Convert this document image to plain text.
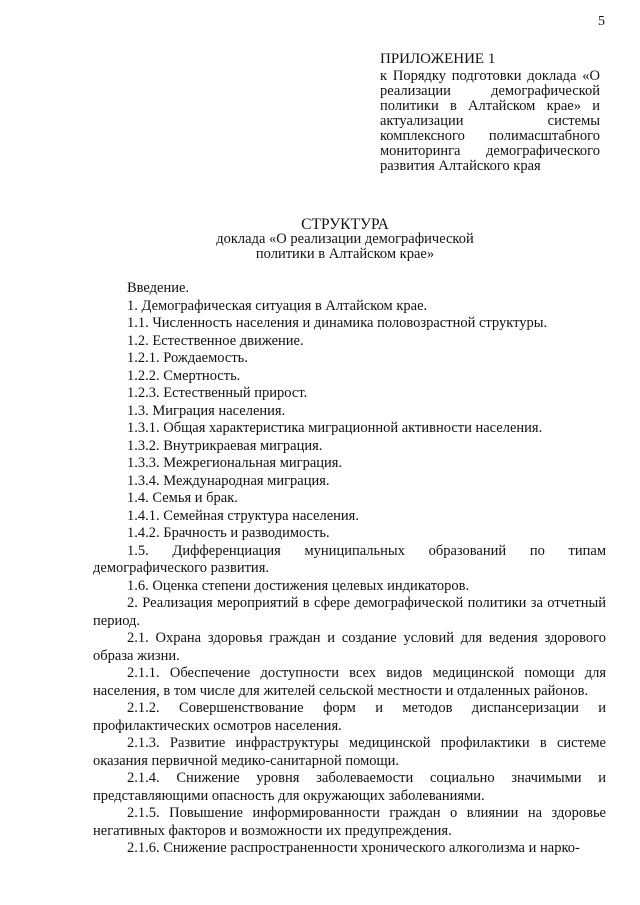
5
ПРИЛОЖЕНИЕ 1
к Порядку подготовки доклада «О реализации демографической политики в Алтайском крае» и актуализации системы комплексного полимасштабного мониторинга демографического развития Алтайского края
СТРУКТУРА
доклада «О реализации демографической политики в Алтайском крае»

Введение.

1. Демографическая ситуация в Алтайском крае.

1.1. Численность населения и динамика половозрастной структуры.

1.2. Естественное движение.

1.2.1. Рождаемость.

1.2.2. Смертность.

1.2.3. Естественный прирост.

1.3. Миграция населения.

1.3.1. Общая характеристика миграционной активности населения.

1.3.2. Внутрикраевая миграция.

1.3.3. Межрегиональная миграция.

1.3.4. Международная миграция.

1.4. Семья и брак.

1.4.1. Семейная структура населения.

1.4.2. Брачность и разводимость.

1.5. Дифференциация муниципальных образований по типам демографического развития.

1.6. Оценка степени достижения целевых индикаторов.

2. Реализация мероприятий в сфере демографической политики за отчетный период.

2.1. Охрана здоровья граждан и создание условий для ведения здорового образа жизни.

2.1.1. Обеспечение доступности всех видов медицинской помощи для населения, в том числе для жителей сельской местности и отдаленных районов.

2.1.2. Совершенствование форм и методов диспансеризации и профилактических осмотров населения.

2.1.3. Развитие инфраструктуры медицинской профилактики в системе оказания первичной медико-санитарной помощи.

2.1.4. Снижение уровня заболеваемости социально значимыми и представляющими опасность для окружающих заболеваниями.

2.1.5. Повышение информированности граждан о влиянии на здоровье негативных факторов и возможности их предупреждения.

2.1.6. Снижение распространенности хронического алкоголизма и нарко-
